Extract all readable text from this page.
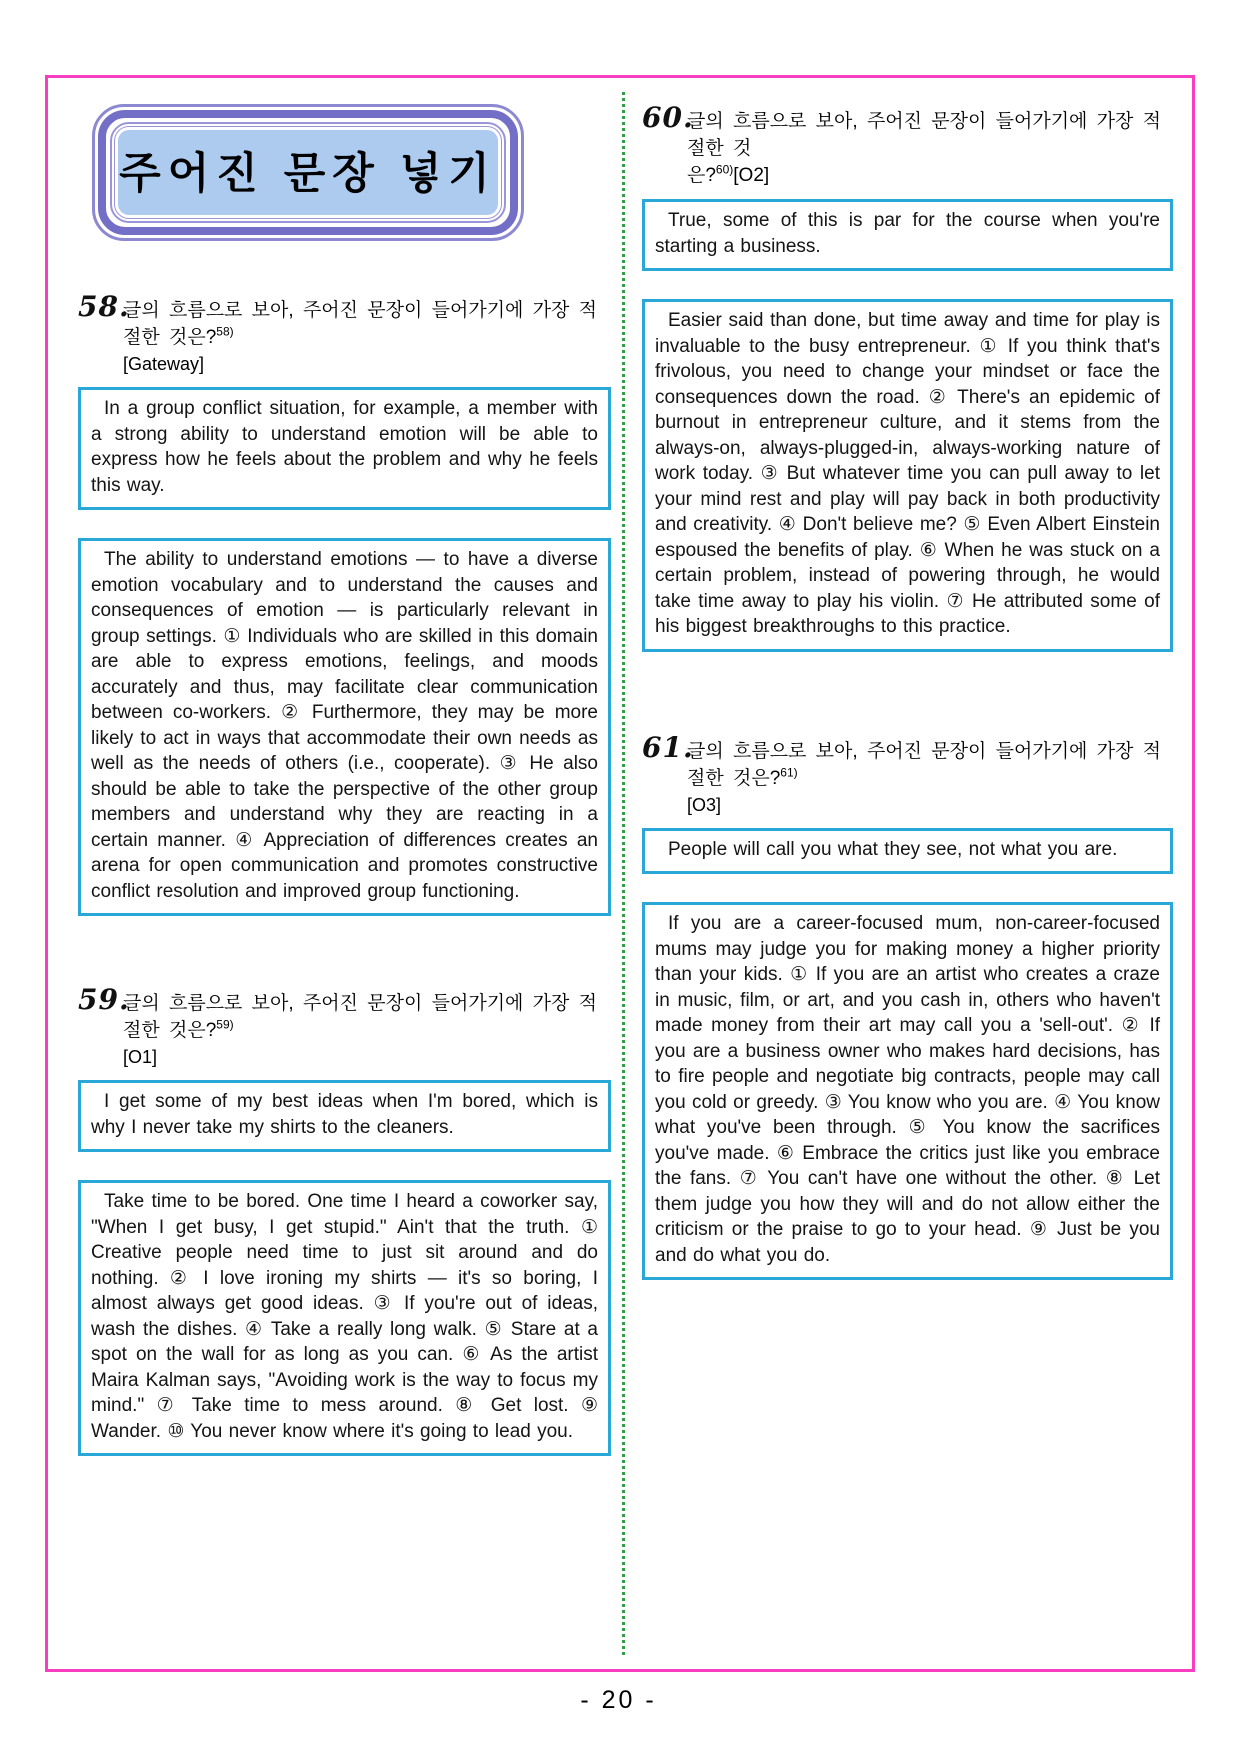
주어진 문장 넣기
58.
글의 흐름으로 보아, 주어진 문장이 들어가기에 가장 적절한 것은?$^{58)}$
[Gateway]

In a group conflict situation, for example, a member with a strong ability to understand emotion will be able to express how he feels about the problem and why he feels this way.

The ability to understand emotions — to have a diverse emotion vocabulary and to understand the causes and consequences of emotion — is particularly relevant in group settings. ① Individuals who are skilled in this domain are able to express emotions, feelings, and moods accurately and thus, may facilitate clear communication between co-workers. ② Furthermore, they may be more likely to act in ways that accommodate their own needs as well as the needs of others (i.e., cooperate). ③ He also should be able to take the perspective of the other group members and understand why they are reacting in a certain manner. ④ Appreciation of differences creates an arena for open communication and promotes constructive conflict resolution and improved group functioning.

59.
글의 흐름으로 보아, 주어진 문장이 들어가기에 가장 적절한 것은?$^{59)}$
[O1]

I get some of my best ideas when I'm bored, which is why I never take my shirts to the cleaners.

Take time to be bored. One time I heard a coworker say, "When I get busy, I get stupid." Ain't that the truth. ① Creative people need time to just sit around and do nothing. ② I love ironing my shirts — it's so boring, I almost always get good ideas. ③ If you're out of ideas, wash the dishes. ④ Take a really long walk. ⑤ Stare at a spot on the wall for as long as you can. ⑥ As the artist Maira Kalman says, "Avoiding work is the way to focus my mind." ⑦ Take time to mess around. ⑧ Get lost. ⑨ Wander. ⑩ You never know where it's going to lead you.

60.
글의 흐름으로 보아, 주어진 문장이 들어가기에 가장 적절한 것
은?$^{60)}$[O2]

True, some of this is par for the course when you're starting a business.

Easier said than done, but time away and time for play is invaluable to the busy entrepreneur. ① If you think that's frivolous, you need to change your mindset or face the consequences down the road. ② There's an epidemic of burnout in entrepreneur culture, and it stems from the always-on, always-plugged-in, always-working nature of work today. ③ But whatever time you can pull away to let your mind rest and play will pay back in both productivity and creativity. ④ Don't believe me? ⑤ Even Albert Einstein espoused the benefits of play. ⑥ When he was stuck on a certain problem, instead of powering through, he would take time away to play his violin. ⑦ He attributed some of his biggest breakthroughs to this practice.

61.
글의 흐름으로 보아, 주어진 문장이 들어가기에 가장 적절한 것은?$^{61)}$
[O3]

People will call you what they see, not what you are.

If you are a career-focused mum, non-career-focused mums may judge you for making money a higher priority than your kids. ① If you are an artist who creates a craze in music, film, or art, and you cash in, others who haven't made money from their art may call you a 'sell-out'. ② If you are a business owner who makes hard decisions, has to fire people and negotiate big contracts, people may call you cold or greedy. ③ You know who you are. ④ You know what you've been through. ⑤ You know the sacrifices you've made. ⑥ Embrace the critics just like you embrace the fans. ⑦ You can't have one without the other. ⑧ Let them judge you how they will and do not allow either the criticism or the praise to go to your head. ⑨ Just be you and do what you do.

- 20 -
